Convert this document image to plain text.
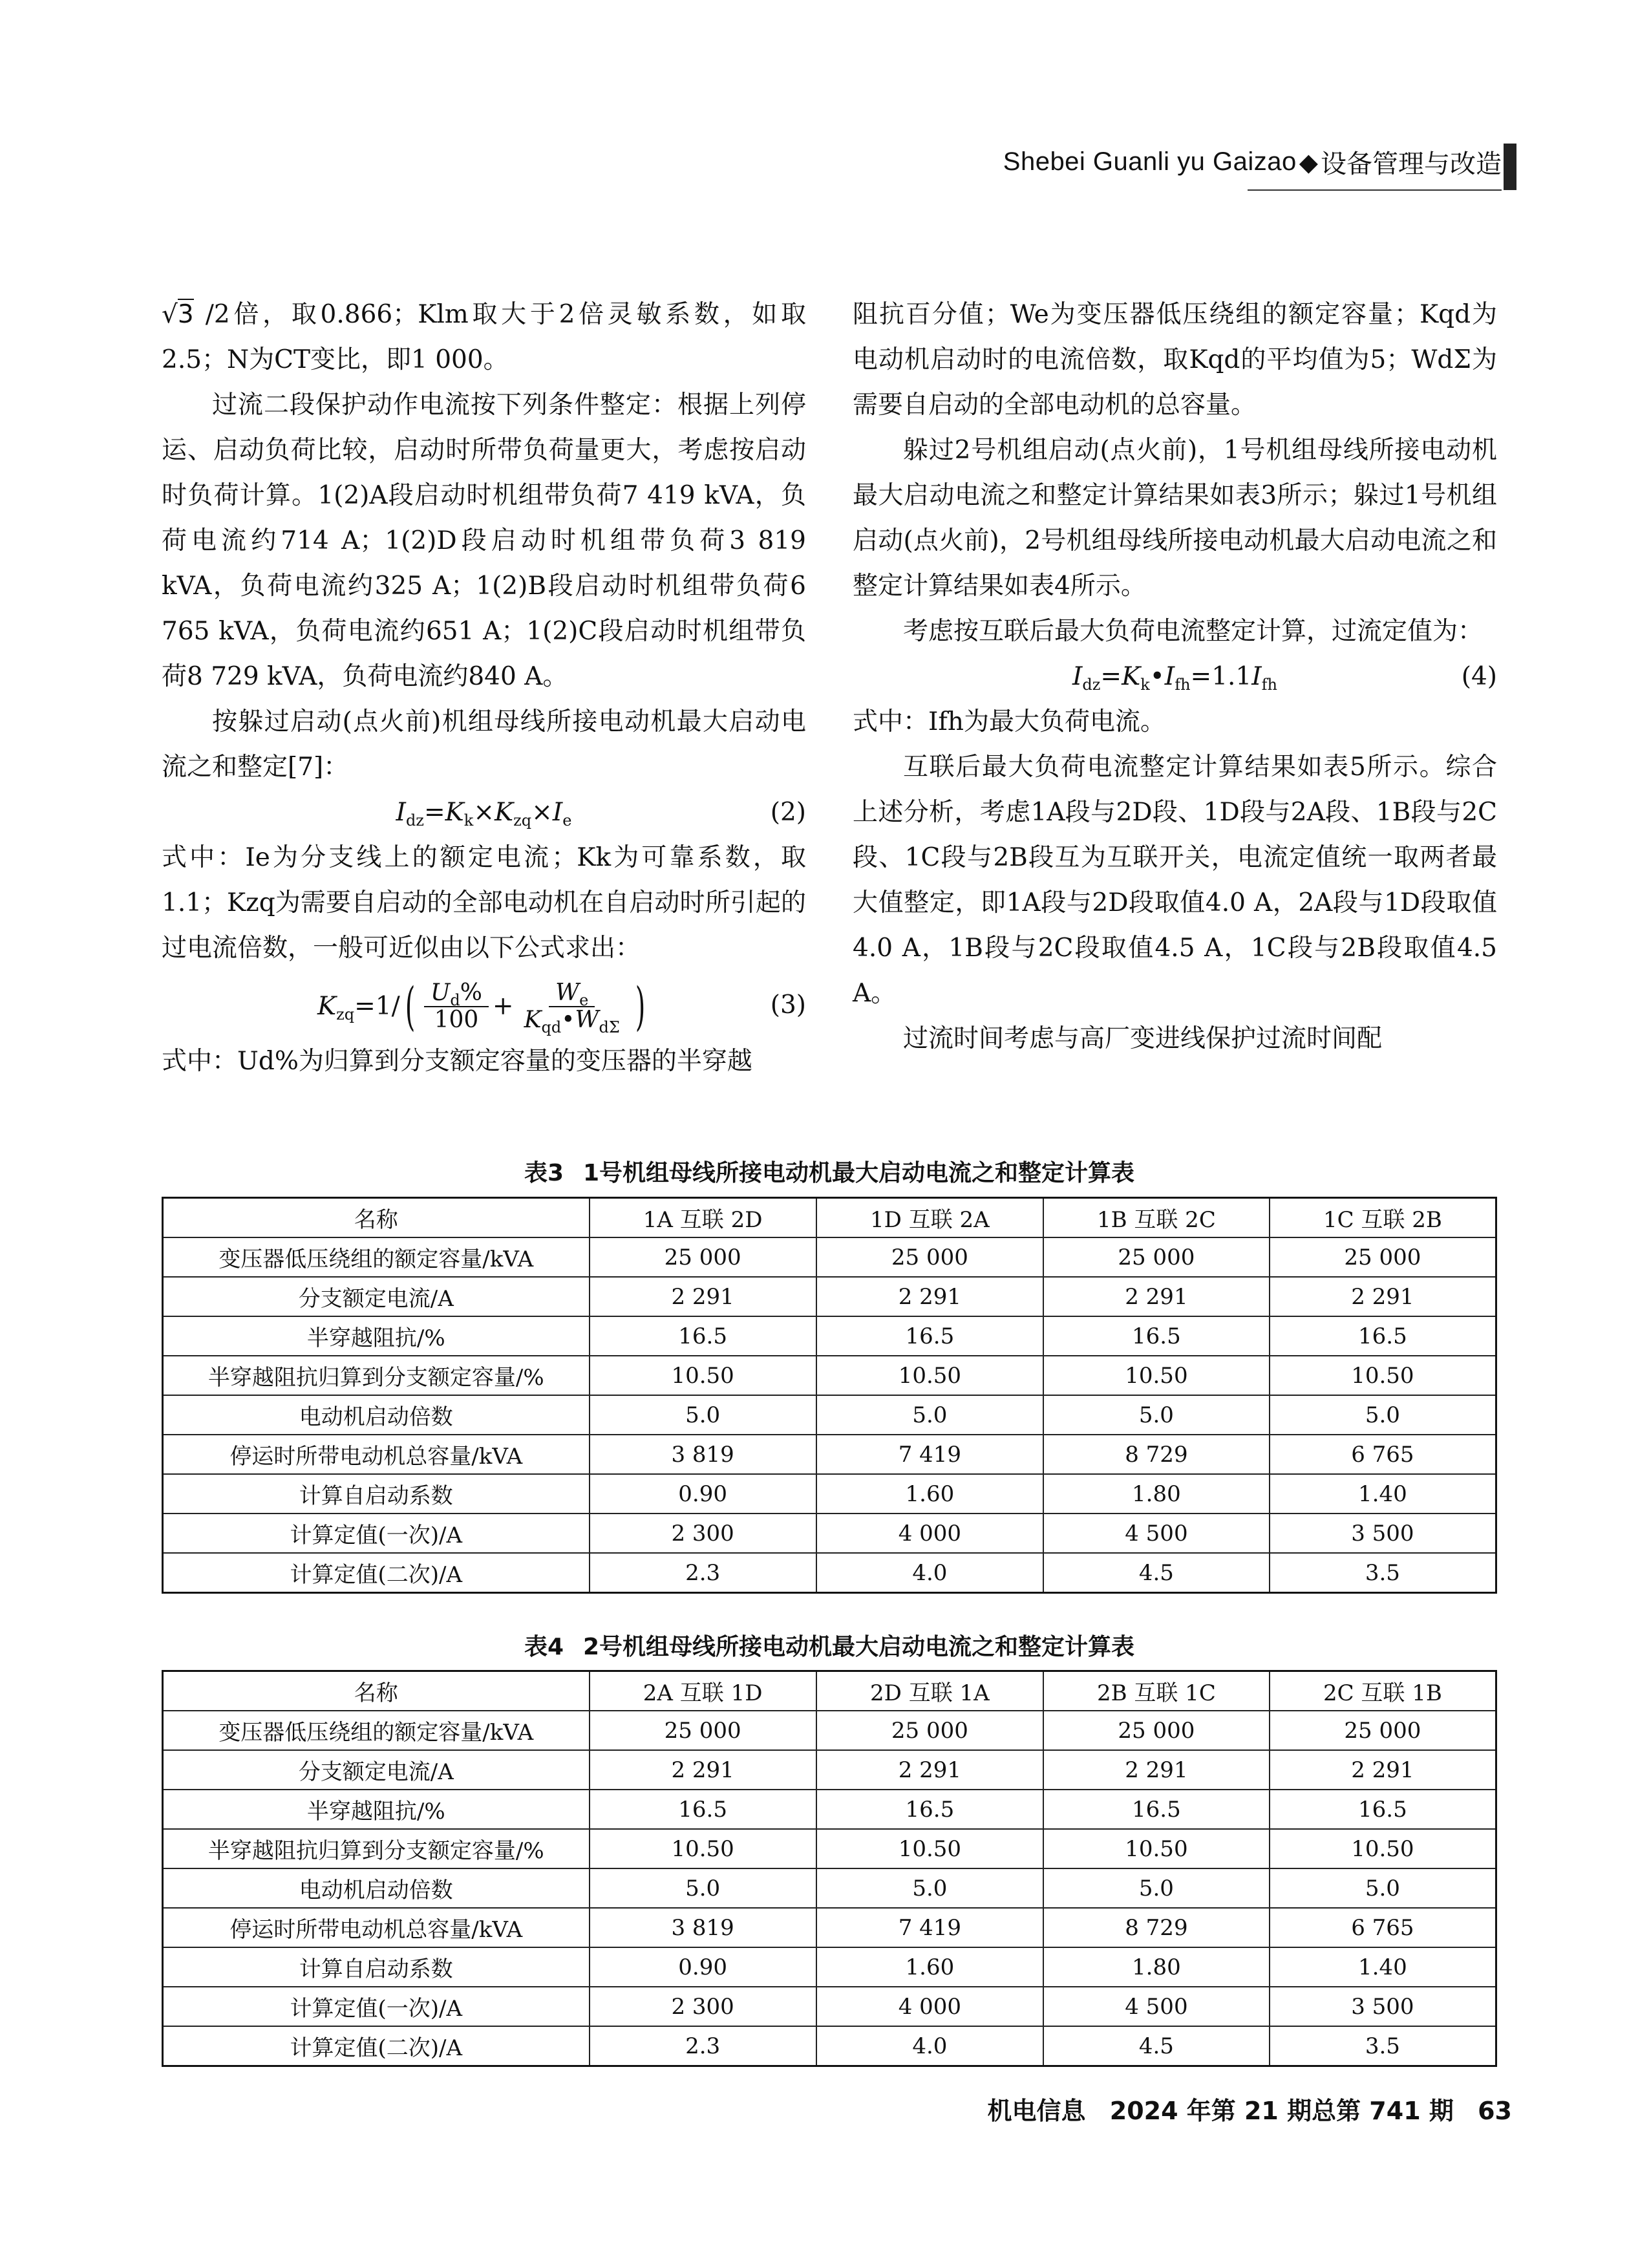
Shebei Guanli yu Gaizao ◆ 设备管理与改造

√3 /2倍，取0.866；Klm取大于2倍灵敏系数，如取2.5；N为CT变比，即1 000。

过流二段保护动作电流按下列条件整定：根据上列停运、启动负荷比较，启动时所带负荷量更大，考虑按启动时负荷计算。1(2)A段启动时机组带负荷7 419 kVA，负荷电流约714 A；1(2)D段启动时机组带负荷3 819 kVA，负荷电流约325 A；1(2)B段启动时机组带负荷6 765 kVA，负荷电流约651 A；1(2)C段启动时机组带负荷8 729 kVA，负荷电流约840 A。

按躲过启动(点火前)机组母线所接电动机最大启动电流之和整定[7]：

$I_{dz}=K_k\times K_{zq}\times I_e$	(2)

式中：Ie为分支线上的额定电流；Kk为可靠系数，取1.1；Kzq为需要自启动的全部电动机在自启动时所引起的过电流倍数，一般可近似由以下公式求出：

$K_{zq}=1/$ ( $\frac{U_d\%}{100} + \frac{W_e}{K_{qd}•W_{d\Sigma}}$ )	(3)

式中：Ud%为归算到分支额定容量的变压器的半穿越

阻抗百分值；We为变压器低压绕组的额定容量；Kqd为电动机启动时的电流倍数，取Kqd的平均值为5；WdΣ为需要自启动的全部电动机的总容量。

躲过2号机组启动(点火前)，1号机组母线所接电动机最大启动电流之和整定计算结果如表3所示；躲过1号机组启动(点火前)，2号机组母线所接电动机最大启动电流之和整定计算结果如表4所示。

考虑按互联后最大负荷电流整定计算，过流定值为：

$I_{dz}=K_k•I_{fh}=1.1I_{fh}$	(4)

式中：Ifh为最大负荷电流。

互联后最大负荷电流整定计算结果如表5所示。综合上述分析，考虑1A段与2D段、1D段与2A段、1B段与2C段、1C段与2B段互为互联开关，电流定值统一取两者最大值整定，即1A段与2D段取值4.0 A，2A段与1D段取值4.0 A，1B段与2C段取值4.5 A，1C段与2B段取值4.5 A。

过流时间考虑与高厂变进线保护过流时间配

表3 1号机组母线所接电动机最大启动电流之和整定计算表
名称	1A 互联 2D	1D 互联 2A	1B 互联 2C	1C 互联 2B
变压器低压绕组的额定容量/kVA	25 000	25 000	25 000	25 000
分支额定电流/A	2 291	2 291	2 291	2 291
半穿越阻抗/%	16.5	16.5	16.5	16.5
半穿越阻抗归算到分支额定容量/%	10.50	10.50	10.50	10.50
电动机启动倍数	5.0	5.0	5.0	5.0
停运时所带电动机总容量/kVA	3 819	7 419	8 729	6 765
计算自启动系数	0.90	1.60	1.80	1.40
计算定值(一次)/A	2 300	4 000	4 500	3 500
计算定值(二次)/A	2.3	4.0	4.5	3.5
表4 2号机组母线所接电动机最大启动电流之和整定计算表
名称	2A 互联 1D	2D 互联 1A	2B 互联 1C	2C 互联 1B
变压器低压绕组的额定容量/kVA	25 000	25 000	25 000	25 000
分支额定电流/A	2 291	2 291	2 291	2 291
半穿越阻抗/%	16.5	16.5	16.5	16.5
半穿越阻抗归算到分支额定容量/%	10.50	10.50	10.50	10.50
电动机启动倍数	5.0	5.0	5.0	5.0
停运时所带电动机总容量/kVA	3 819	7 419	8 729	6 765
计算自启动系数	0.90	1.60	1.80	1.40
计算定值(一次)/A	2 300	4 000	4 500	3 500
计算定值(二次)/A	2.3	4.0	4.5	3.5
机电信息 2024 年第 21 期总第 741 期 63
